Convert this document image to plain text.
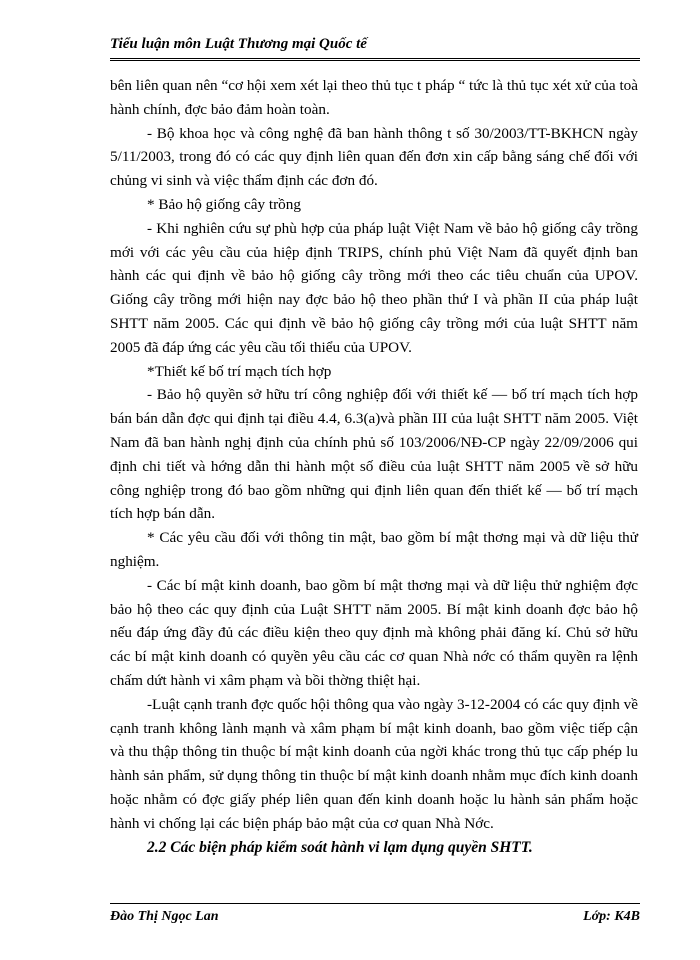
Tiểu luận môn Luật Thương mại Quốc tế

bên liên quan nên “cơ hội xem xét lại theo thủ tục t pháp “ tức là thủ tục xét xử của toà hành chính, đợc bảo đảm hoàn toàn.

- Bộ khoa học và công nghệ đã ban hành thông t số 30/2003/TT-BKHCN ngày 5/11/2003, trong đó có các quy định liên quan đến đơn xin cấp bằng sáng chế đối với chủng vi sinh và việc thẩm định các đơn đó.

* Bảo hộ giống cây trồng

- Khi nghiên cứu sự phù hợp của pháp luật Việt Nam về bảo hộ giống cây trồng mới với các yêu cầu của hiệp định TRIPS, chính phủ Việt Nam đã quyết định ban hành các qui định về bảo hộ giống cây trồng mới theo các tiêu chuẩn của UPOV. Giống cây trồng mới hiện nay đợc bảo hộ theo phần thứ I và phần II của pháp luật SHTT năm 2005. Các qui định về bảo hộ giống cây trồng mới của luật SHTT năm 2005 đã đáp ứng các yêu cầu tối thiểu của UPOV.

*Thiết kế bố trí mạch tích hợp

- Bảo hộ quyền sở hữu trí công nghiệp đối với thiết kế — bố trí mạch tích hợp bán bán dẫn đợc qui định tại điều 4.4, 6.3(a)và phần III của luật SHTT năm 2005. Việt Nam đã ban hành nghị định của chính phủ số 103/2006/NĐ-CP ngày 22/09/2006 qui định chi tiết và hớng dẫn thi hành một số điều của luật SHTT năm 2005 về sở hữu công nghiệp trong đó bao gồm những qui định liên quan đến thiết kế — bố trí mạch tích hợp bán dẫn.

* Các yêu cầu đối với thông tin mật, bao gồm bí mật thơng mại và dữ liệu thử nghiệm.

- Các bí mật kinh doanh, bao gồm bí mật thơng mại và dữ liệu thử nghiệm đợc bảo hộ theo các quy định của Luật SHTT năm 2005. Bí mật kinh doanh đợc bảo hộ nếu đáp ứng đầy đủ các điều kiện theo quy định mà không phải đăng kí. Chủ sở hữu các bí mật kinh doanh có quyền yêu cầu các cơ quan Nhà nớc có thẩm quyền ra lệnh chấm dứt hành vi xâm phạm và bồi thờng thiệt hại.

-Luật cạnh tranh đợc quốc hội thông qua vào ngày 3-12-2004 có các quy định về cạnh tranh không lành mạnh và xâm phạm bí mật kinh doanh, bao gồm việc tiếp cận và thu thập thông tin thuộc bí mật kinh doanh của ngời khác trong thủ tục cấp phép lu hành sản phẩm, sử dụng thông tin thuộc bí mật kinh doanh nhằm mục đích kinh doanh hoặc nhằm có đợc giấy phép liên quan đến kinh doanh hoặc lu hành sản phẩm hoặc hành vi chống lại các biện pháp bảo mật của cơ quan Nhà Nớc.

2.2 Các biện pháp kiểm soát hành vi lạm dụng quyền SHTT.

Đào Thị Ngọc Lan	Lớp: K4B
